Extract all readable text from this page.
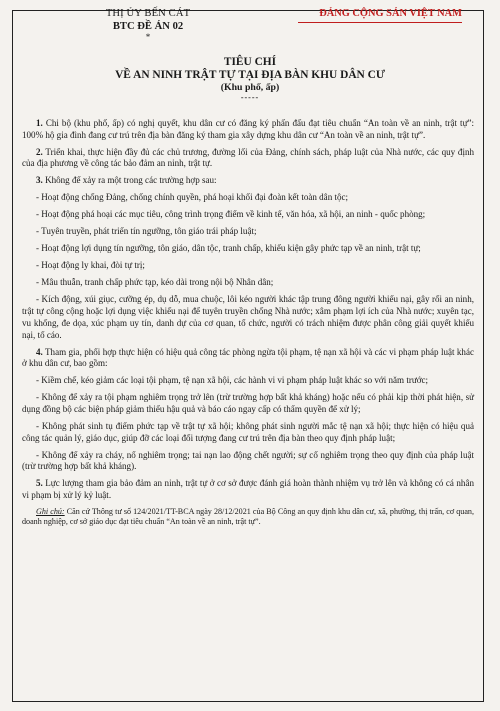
THỊ ỦY BẾN CÁT
BTC ĐỀ ÁN 02
*
ĐẢNG CỘNG SẢN VIỆT NAM
TIÊU CHÍ
VỀ AN NINH TRẬT TỰ TẠI ĐỊA BÀN KHU DÂN CƯ
(Khu phố, ấp)
-----

1. Chi bộ (khu phố, ấp) có nghị quyết, khu dân cư có đăng ký phấn đấu đạt tiêu chuẩn “An toàn về an ninh, trật tự”: 100% hộ gia đình đang cư trú trên địa bàn đăng ký tham gia xây dựng khu dân cư “An toàn về an ninh, trật tự”.

2. Triển khai, thực hiện đầy đủ các chủ trương, đường lối của Đảng, chính sách, pháp luật của Nhà nước, các quy định của địa phương về công tác bảo đảm an ninh, trật tự.

3. Không để xảy ra một trong các trường hợp sau:

- Hoạt động chống Đảng, chống chính quyền, phá hoại khối đại đoàn kết toàn dân tộc;

- Hoạt động phá hoại các mục tiêu, công trình trọng điểm về kinh tế, văn hóa, xã hội, an ninh - quốc phòng;

- Tuyên truyền, phát triển tín ngưỡng, tôn giáo trái pháp luật;

- Hoạt động lợi dụng tín ngưỡng, tôn giáo, dân tộc, tranh chấp, khiếu kiện gây phức tạp về an ninh, trật tự;

- Hoạt động ly khai, đòi tự trị;

- Mâu thuẫn, tranh chấp phức tạp, kéo dài trong nội bộ Nhân dân;

- Kích động, xúi giục, cưỡng ép, dụ dỗ, mua chuộc, lôi kéo người khác tập trung đông người khiếu nại, gây rối an ninh, trật tự công cộng hoặc lợi dụng việc khiếu nại để tuyên truyền chống Nhà nước; xâm phạm lợi ích của Nhà nước; xuyên tạc, vu khống, đe dọa, xúc phạm uy tín, danh dự của cơ quan, tổ chức, người có trách nhiệm được phân công giải quyết khiếu nại, tố cáo.

4. Tham gia, phối hợp thực hiện có hiệu quả công tác phòng ngừa tội phạm, tệ nạn xã hội và các vi phạm pháp luật khác ở khu dân cư, bao gồm:

- Kiềm chế, kéo giảm các loại tội phạm, tệ nạn xã hội, các hành vi vi phạm pháp luật khác so với năm trước;

- Không để xảy ra tội phạm nghiêm trọng trở lên (trừ trường hợp bất khả kháng) hoặc nếu có phải kịp thời phát hiện, sử dụng đồng bộ các biện pháp giảm thiểu hậu quả và báo cáo ngay cấp có thẩm quyền để xử lý;

- Không phát sinh tụ điểm phức tạp về trật tự xã hội; không phát sinh người mắc tệ nạn xã hội; thực hiện có hiệu quả công tác quản lý, giáo dục, giúp đỡ các loại đối tượng đang cư trú trên địa bàn theo quy định pháp luật;

- Không để xảy ra cháy, nổ nghiêm trọng; tai nạn lao động chết người; sự cố nghiêm trọng theo quy định của pháp luật (trừ trường hợp bất khả kháng).

5. Lực lượng tham gia bảo đảm an ninh, trật tự ở cơ sở được đánh giá hoàn thành nhiệm vụ trở lên và không có cá nhân vi phạm bị xử lý kỷ luật.

Ghi chú: Căn cứ Thông tư số 124/2021/TT-BCA ngày 28/12/2021 của Bộ Công an quy định khu dân cư, xã, phường, thị trấn, cơ quan, doanh nghiệp, cơ sở giáo dục đạt tiêu chuẩn “An toàn về an ninh, trật tự”.
